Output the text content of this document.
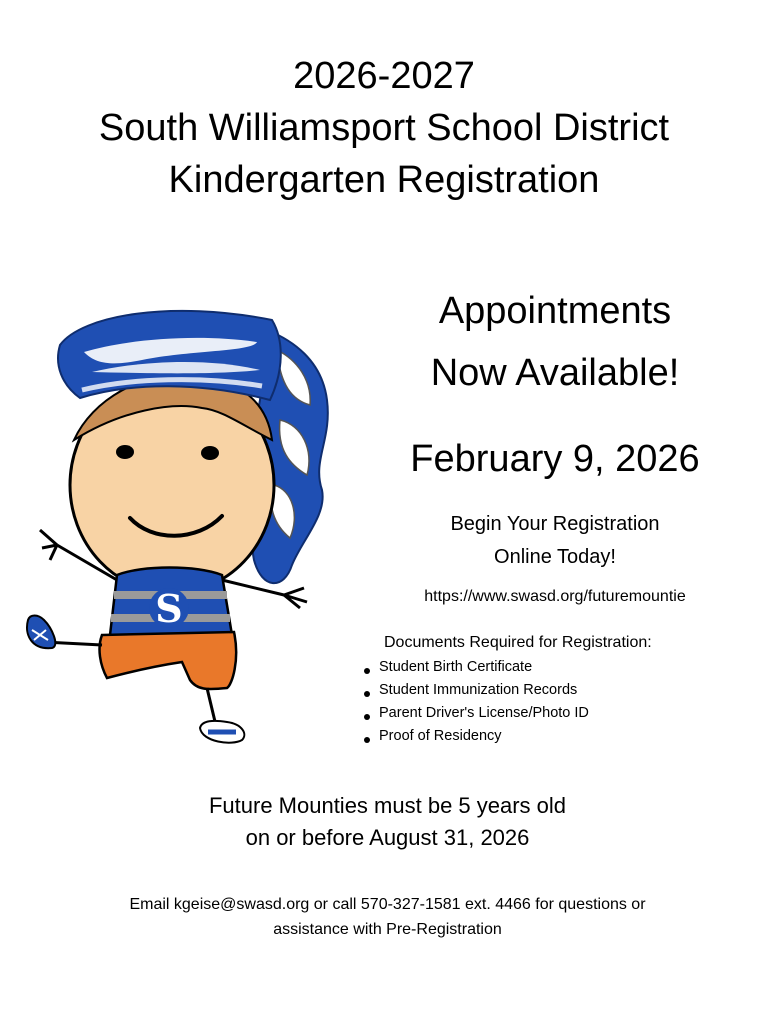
2026-2027
South Williamsport School District
Kindergarten Registration
S
Appointments
Now Available!
February 9, 2026
Begin Your Registration
Online Today!
https://www.swasd.org/futuremountie
Documents Required for Registration:
Student Birth Certificate
Student Immunization Records
Parent Driver's License/Photo ID
Proof of Residency
Future Mounties must be 5 years old
on or before August 31, 2026
Email kgeise@swasd.org or call 570-327-1581 ext. 4466 for questions or
assistance with Pre-Registration
